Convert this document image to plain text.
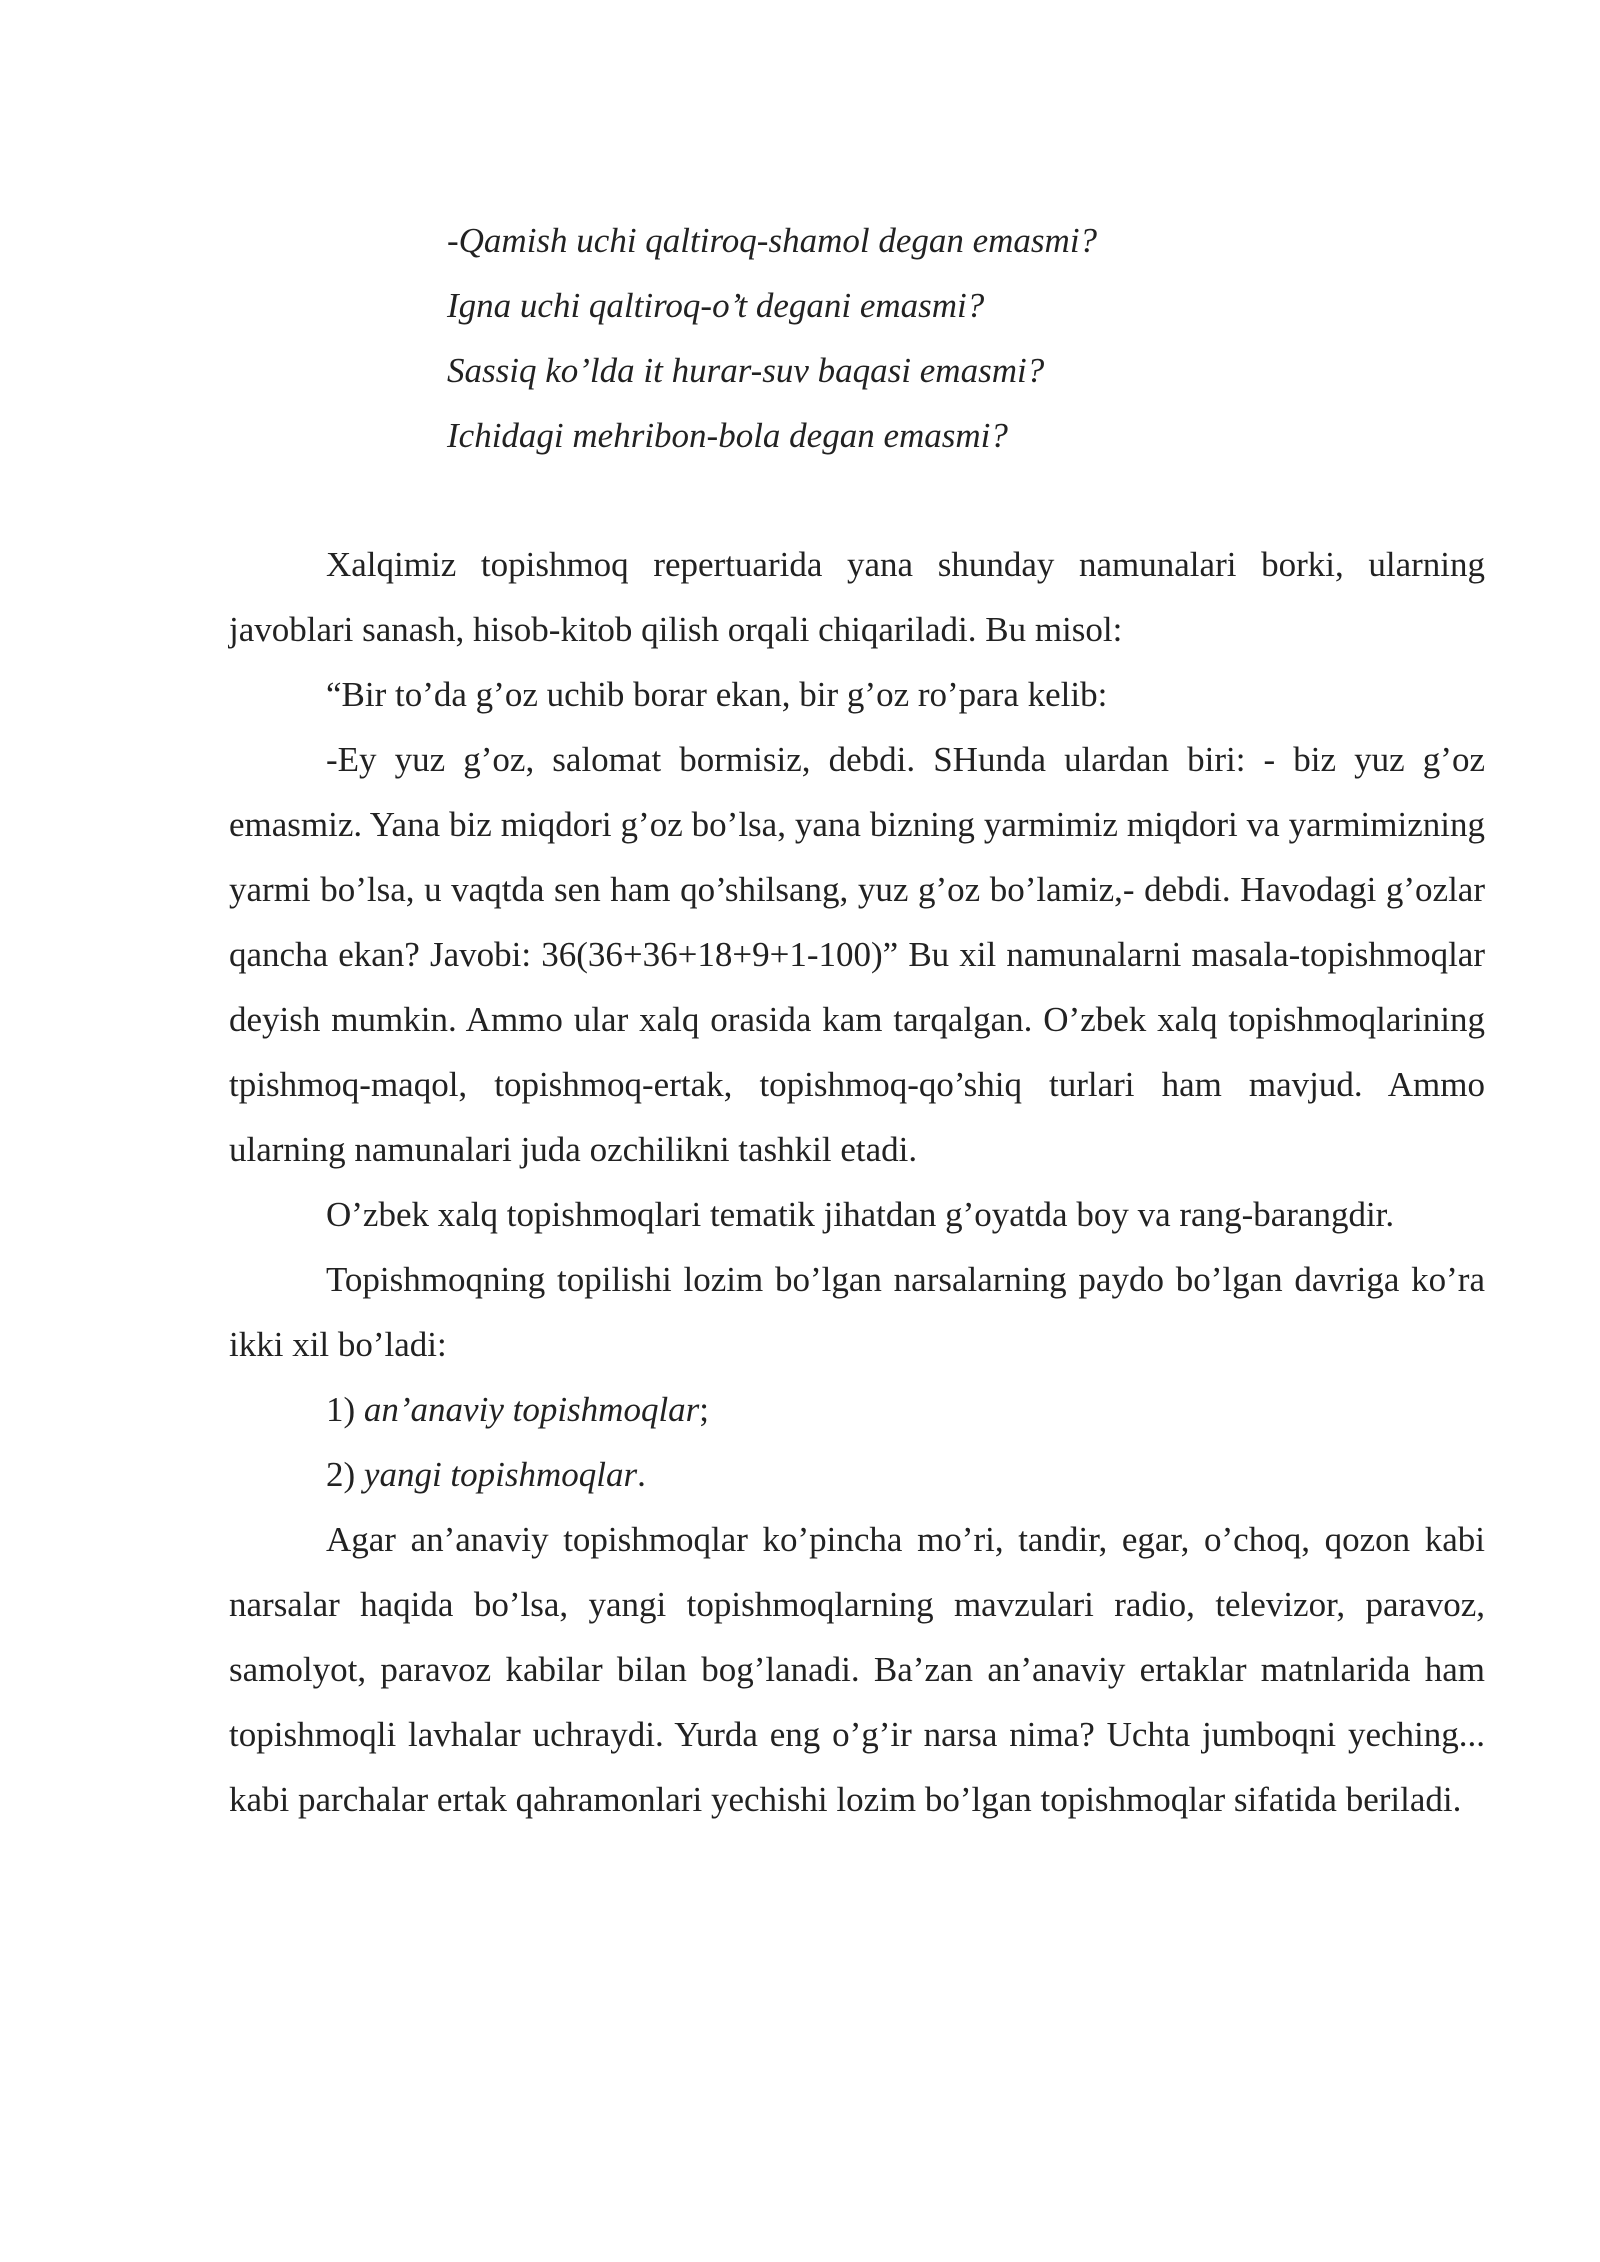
-Qamish uchi qaltiroq-shamol degan emasmi?
Igna uchi qaltiroq-o’t degani emasmi?
Sassiq ko’lda it hurar-suv baqasi emasmi?
Ichidagi mehribon-bola degan emasmi?

Xalqimiz topishmoq repertuarida yana shunday namunalari borki, ularning javoblari sanash, hisob-kitob qilish orqali chiqariladi. Bu misol:

“Bir to’da g’oz uchib borar ekan, bir g’oz ro’para kelib:

-Ey yuz g’oz, salomat bormisiz, debdi. SHunda ulardan biri: - biz yuz g’oz emasmiz. Yana biz miqdori g’oz bo’lsa, yana bizning yarmimiz miqdori va yarmimizning yarmi bo’lsa, u vaqtda sen ham qo’shilsang, yuz g’oz bo’lamiz,- debdi. Havodagi g’ozlar qancha ekan? Javobi: 36(36+36+18+9+1-100)” Bu xil namunalarni masala-topishmoqlar deyish mumkin. Ammo ular xalq orasida kam tarqalgan. O’zbek xalq topishmoqlarining tpishmoq-maqol, topishmoq-ertak, topishmoq-qo’shiq turlari ham mavjud. Ammo ularning namunalari juda ozchilikni tashkil etadi.

O’zbek xalq topishmoqlari tematik jihatdan g’oyatda boy va rang-barangdir.

Topishmoqning topilishi lozim bo’lgan narsalarning paydo bo’lgan davriga ko’ra ikki xil bo’ladi:

1) an’anaviy topishmoqlar;

2) yangi topishmoqlar.

Agar an’anaviy topishmoqlar ko’pincha mo’ri, tandir, egar, o’choq, qozon kabi narsalar haqida bo’lsa, yangi topishmoqlarning mavzulari radio, televizor, paravoz, samolyot, paravoz kabilar bilan bog’lanadi. Ba’zan an’anaviy ertaklar matnlarida ham topishmoqli lavhalar uchraydi. Yurda eng o’g’ir narsa nima? Uchta jumboqni yeching... kabi parchalar ertak qahramonlari yechishi lozim bo’lgan topishmoqlar sifatida beriladi.
